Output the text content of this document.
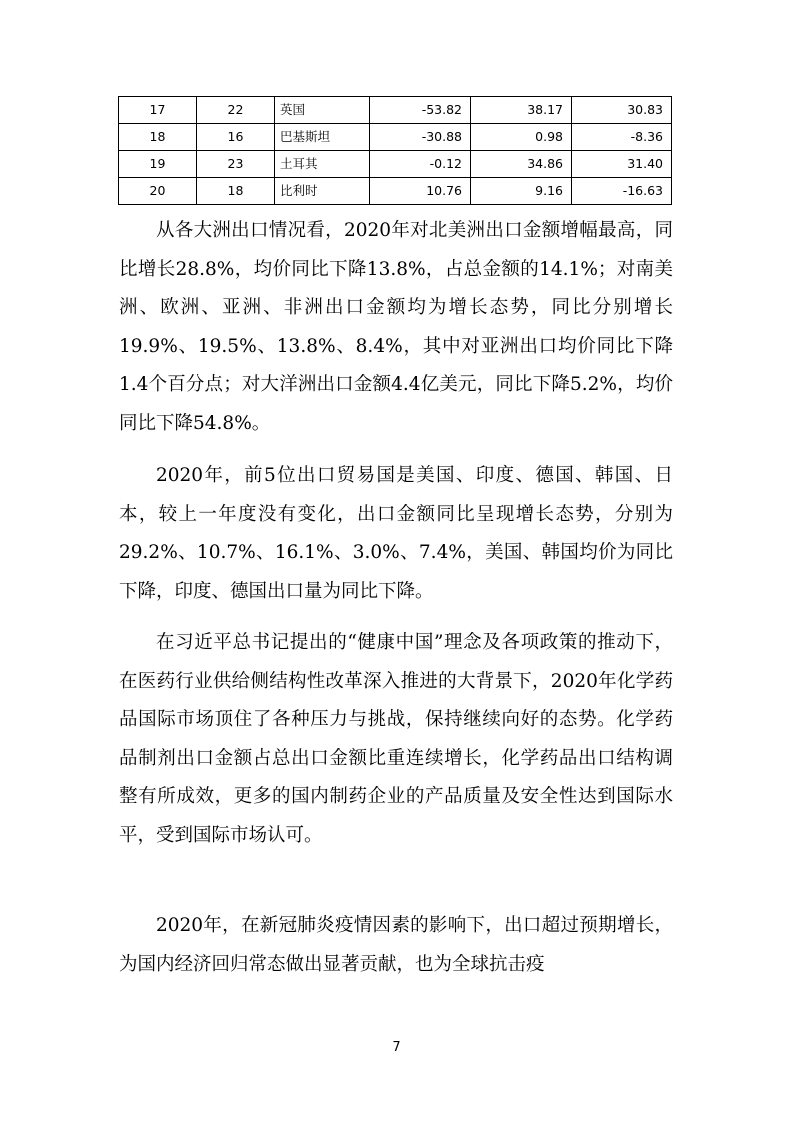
17	22	英国	-53.82	38.17	30.83
18	16	巴基斯坦	-30.88	0.98	-8.36
19	23	土耳其	-0.12	34.86	31.40
20	18	比利时	10.76	9.16	-16.63

从各大洲出口情况看，2020年对北美洲出口金额增幅最高，同比增长28.8%，均价同比下降13.8%，占总金额的14.1%；对南美洲、欧洲、亚洲、非洲出口金额均为增长态势，同比分别增长19.9%、19.5%、13.8%、8.4%，其中对亚洲出口均价同比下降1.4个百分点；对大洋洲出口金额4.4亿美元，同比下降5.2%，均价同比下降54.8%。

2020年，前5位出口贸易国是美国、印度、德国、韩国、日本，较上一年度没有变化，出口金额同比呈现增长态势，分别为29.2%、10.7%、16.1%、3.0%、7.4%，美国、韩国均价为同比下降，印度、德国出口量为同比下降。

在习近平总书记提出的“健康中国”理念及各项政策的推动下，在医药行业供给侧结构性改革深入推进的大背景下，2020年化学药品国际市场顶住了各种压力与挑战，保持继续向好的态势。化学药品制剂出口金额占总出口金额比重连续增长，化学药品出口结构调整有所成效，更多的国内制药企业的产品质量及安全性达到国际水平，受到国际市场认可。

2020年，在新冠肺炎疫情因素的影响下，出口超过预期增长，为国内经济回归常态做出显著贡献，也为全球抗击疫

7
